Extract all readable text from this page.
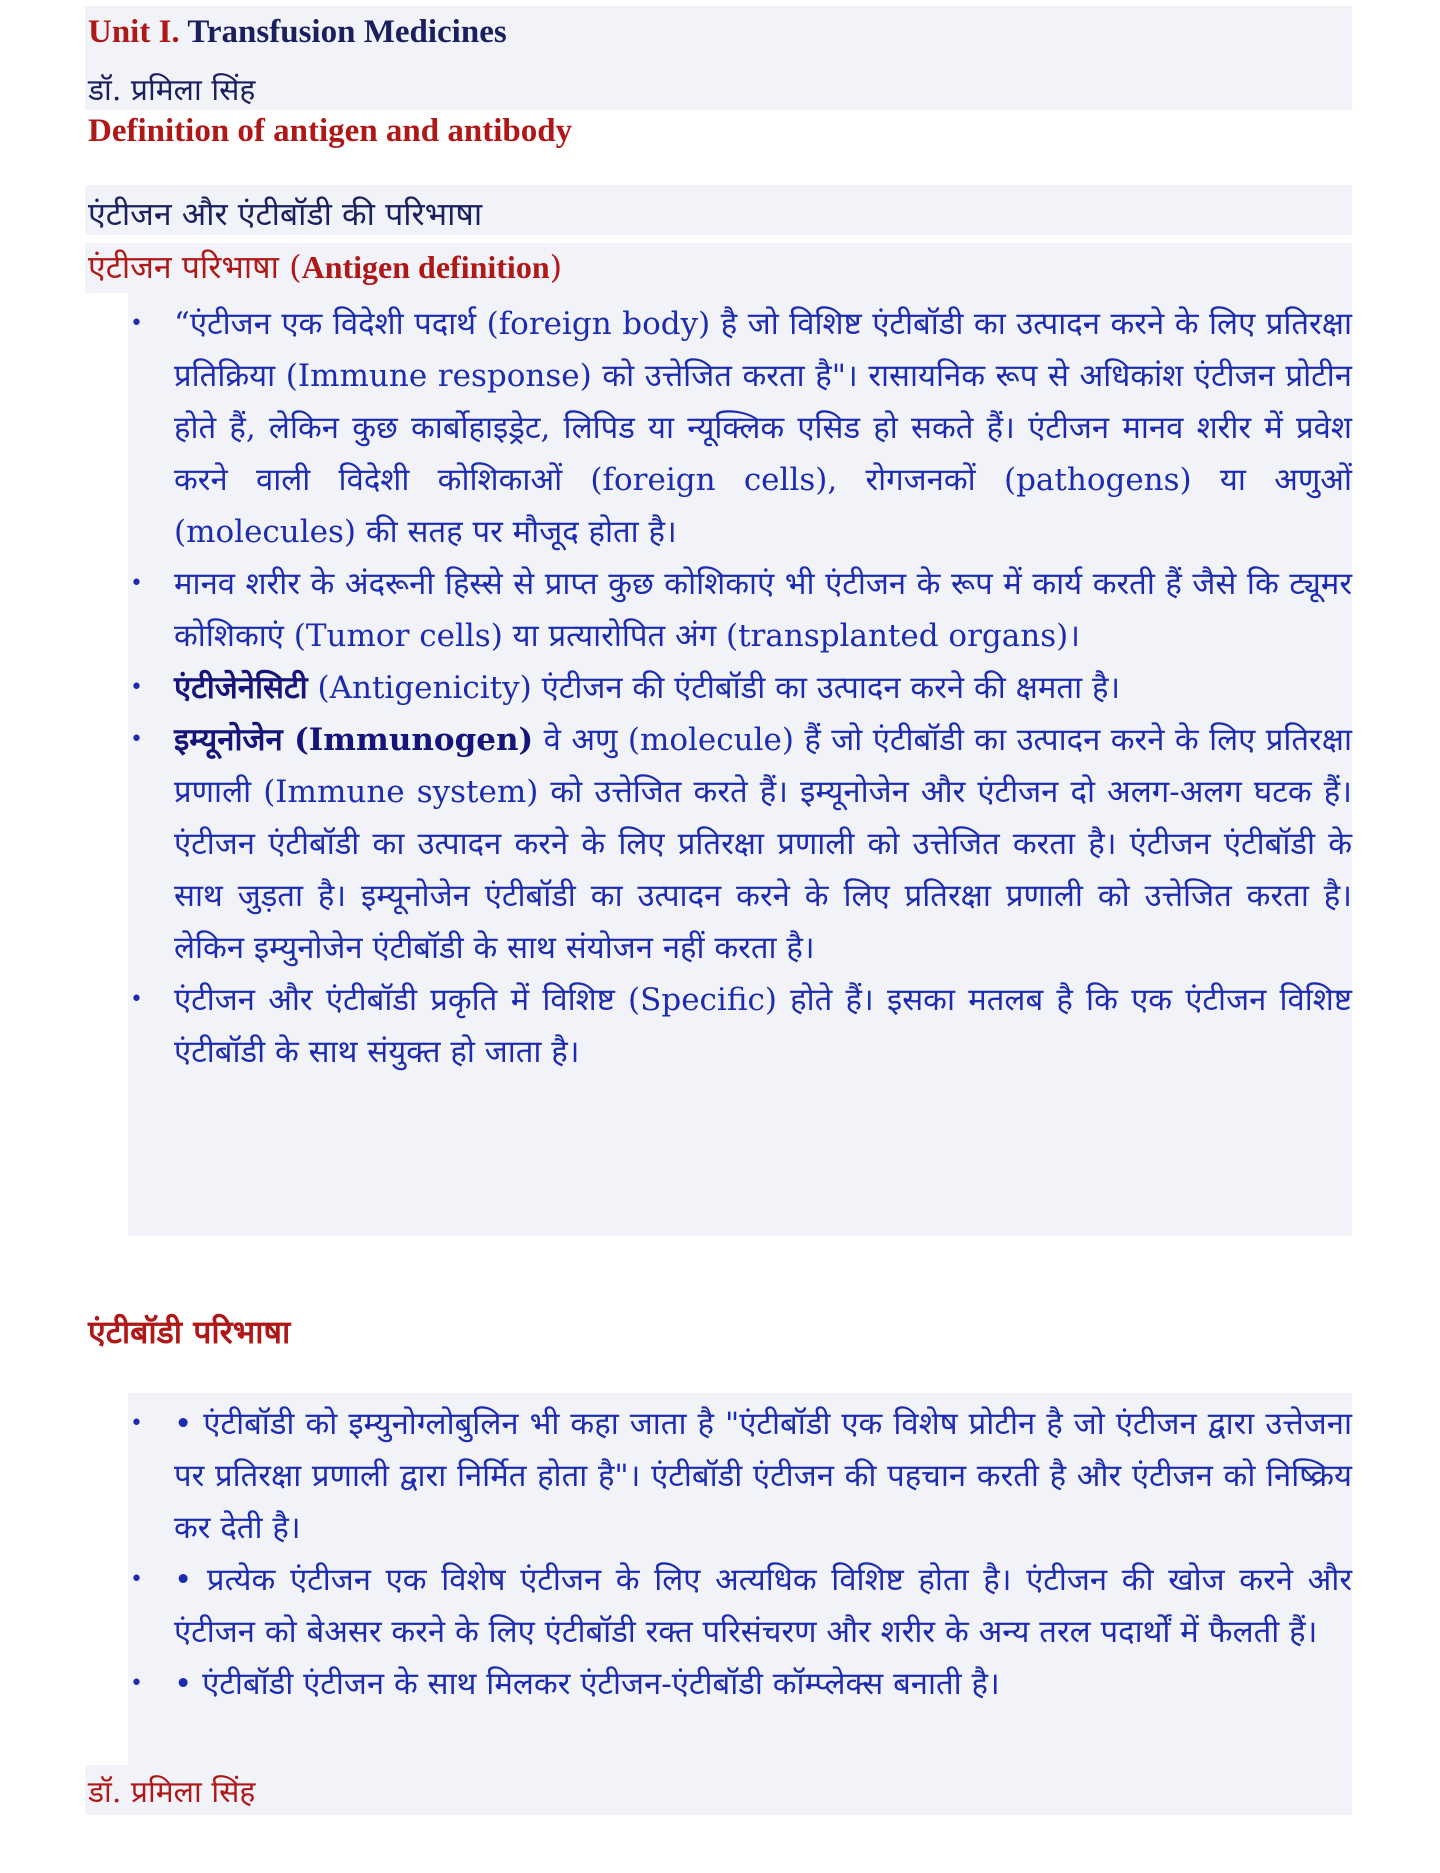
Unit I. Transfusion Medicines
डॉ. प्रमिला सिंह
Definition of antigen and antibody
एंटीजन और एंटीबॉडी की परिभाषा
एंटीजन परिभाषा (Antigen definition)
• “एंटीजन एक विदेशी पदार्थ (foreign body) है जो विशिष्ट एंटीबॉडी का उत्पादन करने के लिए प्रतिरक्षा प्रतिक्रिया (Immune response) को उत्तेजित करता है"। रासायनिक रूप से अधिकांश एंटीजन प्रोटीन होते हैं, लेकिन कुछ कार्बोहाइड्रेट, लिपिड या न्यूक्लिक एसिड हो सकते हैं। एंटीजन मानव शरीर में प्रवेश करने वाली विदेशी कोशिकाओं (foreign cells), रोगजनकों (pathogens) या अणुओं (molecules) की सतह पर मौजूद होता है।
• मानव शरीर के अंदरूनी हिस्से से प्राप्त कुछ कोशिकाएं भी एंटीजन के रूप में कार्य करती हैं जैसे कि ट्यूमर कोशिकाएं (Tumor cells) या प्रत्यारोपित अंग (transplanted organs)।
• एंटीजेनेसिटी (Antigenicity) एंटीजन की एंटीबॉडी का उत्पादन करने की क्षमता है।
• इम्यूनोजेन (Immunogen) वे अणु (molecule) हैं जो एंटीबॉडी का उत्पादन करने के लिए प्रतिरक्षा प्रणाली (Immune system) को उत्तेजित करते हैं। इम्यूनोजेन और एंटीजन दो अलग-अलग घटक हैं। एंटीजन एंटीबॉडी का उत्पादन करने के लिए प्रतिरक्षा प्रणाली को उत्तेजित करता है। एंटीजन एंटीबॉडी के साथ जुड़ता है। इम्यूनोजेन एंटीबॉडी का उत्पादन करने के लिए प्रतिरक्षा प्रणाली को उत्तेजित करता है। लेकिन इम्युनोजेन एंटीबॉडी के साथ संयोजन नहीं करता है।
• एंटीजन और एंटीबॉडी प्रकृति में विशिष्ट (Specific) होते हैं। इसका मतलब है कि एक एंटीजन विशिष्ट एंटीबॉडी के साथ संयुक्त हो जाता है।
एंटीबॉडी परिभाषा
• • एंटीबॉडी को इम्युनोग्लोबुलिन भी कहा जाता है "एंटीबॉडी एक विशेष प्रोटीन है जो एंटीजन द्वारा उत्तेजना पर प्रतिरक्षा प्रणाली द्वारा निर्मित होता है"। एंटीबॉडी एंटीजन की पहचान करती है और एंटीजन को निष्क्रिय कर देती है।
• • प्रत्येक एंटीजन एक विशेष एंटीजन के लिए अत्यधिक विशिष्ट होता है। एंटीजन की खोज करने और एंटीजन को बेअसर करने के लिए एंटीबॉडी रक्त परिसंचरण और शरीर के अन्य तरल पदार्थों में फैलती हैं।
• • एंटीबॉडी एंटीजन के साथ मिलकर एंटीजन-एंटीबॉडी कॉम्प्लेक्स बनाती है।
डॉ. प्रमिला सिंह
